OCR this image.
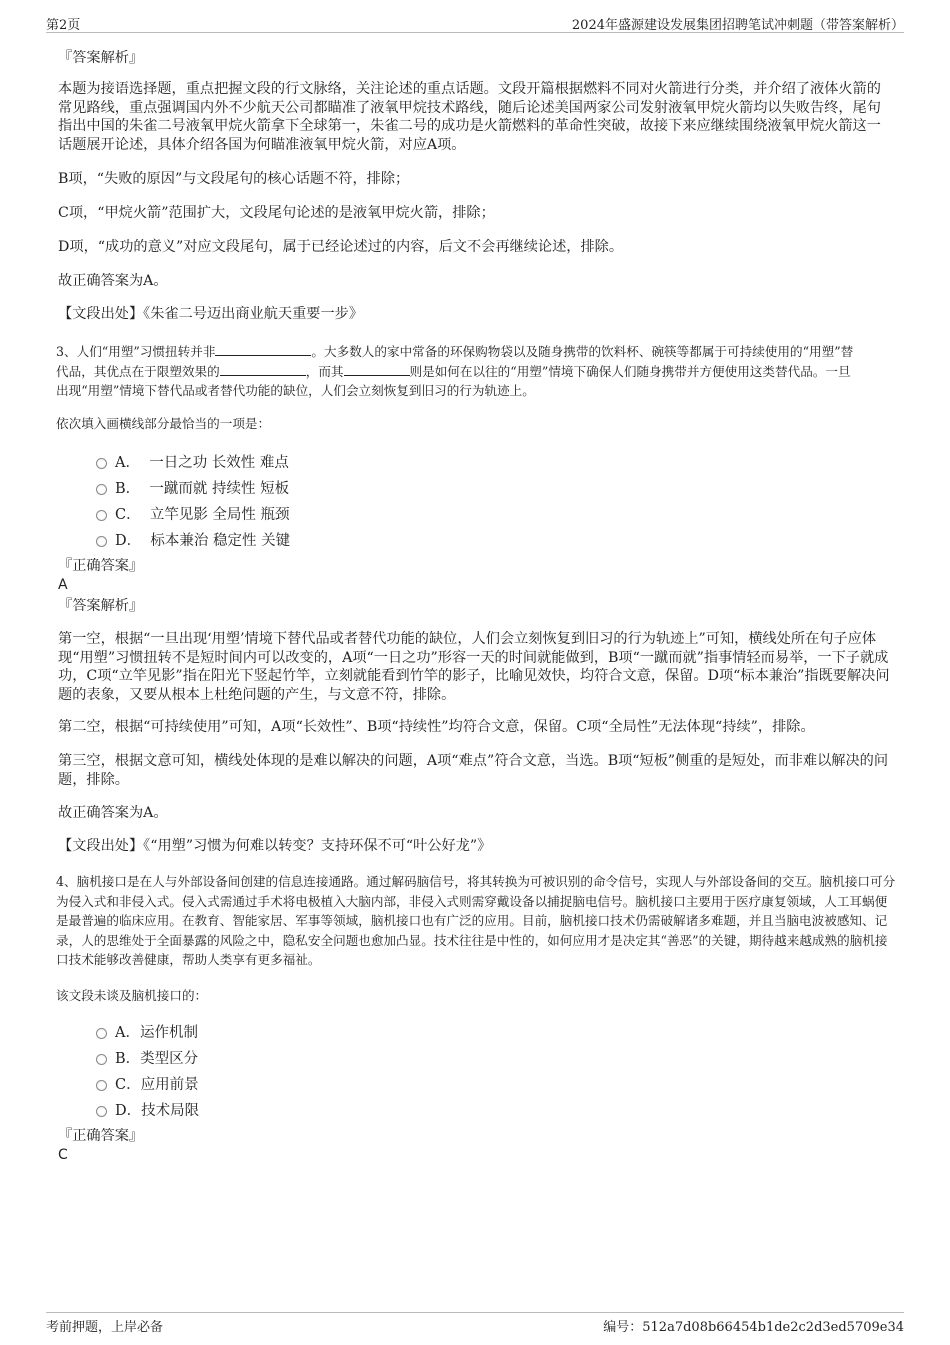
第2页	2024年盛源建设发展集团招聘笔试冲刺题（带答案解析）
『答案解析』
本题为接语选择题，重点把握文段的行文脉络，关注论述的重点话题。文段开篇根据燃料不同对火箭进行分类，并介绍了液体火箭的常见路线，重点强调国内外不少航天公司都瞄准了液氧甲烷技术路线，随后论述美国两家公司发射液氧甲烷火箭均以失败告终，尾句指出中国的朱雀二号液氧甲烷火箭拿下全球第一，朱雀二号的成功是火箭燃料的革命性突破，故接下来应继续围绕液氧甲烷火箭这一话题展开论述，具体介绍各国为何瞄准液氧甲烷火箭，对应A项。
B项，“失败的原因”与文段尾句的核心话题不符，排除；
C项，“甲烷火箭”范围扩大，文段尾句论述的是液氧甲烷火箭，排除；
D项，“成功的意义”对应文段尾句，属于已经论述过的内容，后文不会再继续论述，排除。
故正确答案为A。
【文段出处】《朱雀二号迈出商业航天重要一步》
3、人们“用塑”习惯扭转并非	。大多数人的家中常备的环保购物袋以及随身携带的饮料杯、碗筷等都属于可持续使用的“用塑”替
代品，其优点在于限塑效果的	，而其	则是如何在以往的“用塑”情境下确保人们随身携带并方便使用这类替代品。一旦
出现“用塑”情境下替代品或者替代功能的缺位，人们会立刻恢复到旧习的行为轨迹上。
依次填入画横线部分最恰当的一项是：
A． 一日之功 长效性 难点
B． 一蹴而就 持续性 短板
C． 立竿见影 全局性 瓶颈
D． 标本兼治 稳定性 关键
『正确答案』
A
『答案解析』
第一空，根据“一旦出现‘用塑’情境下替代品或者替代功能的缺位，人们会立刻恢复到旧习的行为轨迹上”可知，横线处所在句子应体现“用塑”习惯扭转不是短时间内可以改变的，A项“一日之功”形容一天的时间就能做到，B项“一蹴而就”指事情轻而易举，一下子就成功，C项“立竿见影”指在阳光下竖起竹竿，立刻就能看到竹竿的影子，比喻见效快，均符合文意，保留。D项“标本兼治”指既要解决问题的表象，又要从根本上杜绝问题的产生，与文意不符，排除。
第二空，根据“可持续使用”可知，A项“长效性”、B项“持续性”均符合文意，保留。C项“全局性”无法体现“持续”，排除。
第三空，根据文意可知，横线处体现的是难以解决的问题，A项“难点”符合文意，当选。B项“短板”侧重的是短处，而非难以解决的问题，排除。
故正确答案为A。
【文段出处】《“用塑”习惯为何难以转变？支持环保不可“叶公好龙”》
4、脑机接口是在人与外部设备间创建的信息连接通路。通过解码脑信号，将其转换为可被识别的命令信号，实现人与外部设备间的交互。脑机接口可分为侵入式和非侵入式。侵入式需通过手术将电极植入大脑内部，非侵入式则需穿戴设备以捕捉脑电信号。脑机接口主要用于医疗康复领域，人工耳蜗便是最普遍的临床应用。在教育、智能家居、军事等领域，脑机接口也有广泛的应用。目前，脑机接口技术仍需破解诸多难题，并且当脑电波被感知、记录，人的思维处于全面暴露的风险之中，隐私安全问题也愈加凸显。技术往往是中性的，如何应用才是决定其“善恶”的关键，期待越来越成熟的脑机接口技术能够改善健康，帮助人类享有更多福祉。
该文段未谈及脑机接口的：
A．运作机制
B．类型区分
C．应用前景
D．技术局限
『正确答案』
C
考前押题，上岸必备	编号：512a7d08b66454b1de2c2d3ed5709e34
